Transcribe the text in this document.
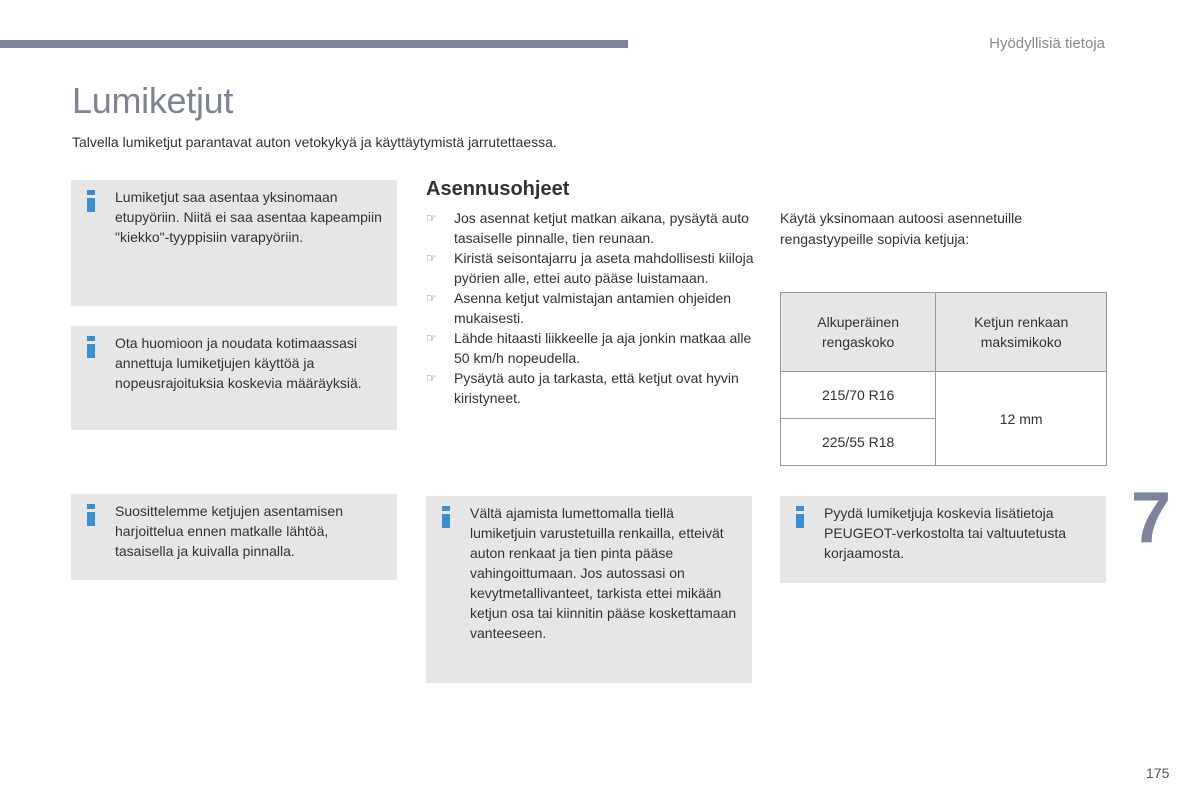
Hyödyllisiä tietoja
Lumiketjut
Talvella lumiketjut parantavat auton vetokykyä ja käyttäytymistä jarrutettaessa.

Lumiketjut saa asentaa yksinomaan etupyöriin. Niitä ei saa asentaa kapeampiin "kiekko"-tyyppisiin varapyöriin.

Ota huomioon ja noudata kotimaassasi annettuja lumiketjujen käyttöä ja nopeusrajoituksia koskevia määräyksiä.

Suosittelemme ketjujen asentamisen harjoittelua ennen matkalle lähtöä, tasaisella ja kuivalla pinnalla.

Vältä ajamista lumettomalla tiellä lumiketjuin varustetuilla renkailla, etteivät auton renkaat ja tien pinta pääse vahingoittumaan. Jos autossasi on kevytmetallivanteet, tarkista ettei mikään ketjun osa tai kiinnitin pääse koskettamaan vanteeseen.

Pyydä lumiketjuja koskevia lisätietoja PEUGEOT-verkostolta tai valtuutetusta korjaamosta.

Asennusohjeet
☞ Jos asennat ketjut matkan aikana, pysäytä auto tasaiselle pinnalle, tien reunaan.
☞ Kiristä seisontajarru ja aseta mahdollisesti kiiloja pyörien alle, ettei auto pääse luistamaan.
☞ Asenna ketjut valmistajan antamien ohjeiden mukaisesti.
☞ Lähde hitaasti liikkeelle ja aja jonkin matkaa alle 50 km/h nopeudella.
☞ Pysäytä auto ja tarkasta, että ketjut ovat hyvin kiristyneet.

Käytä yksinomaan autoosi asennetuille rengastyypeille sopivia ketjuja:

Alkuperäinen rengaskoko	Ketjun renkaan maksimikoko
215/70 R16	12 mm
225/55 R18	
7
175
